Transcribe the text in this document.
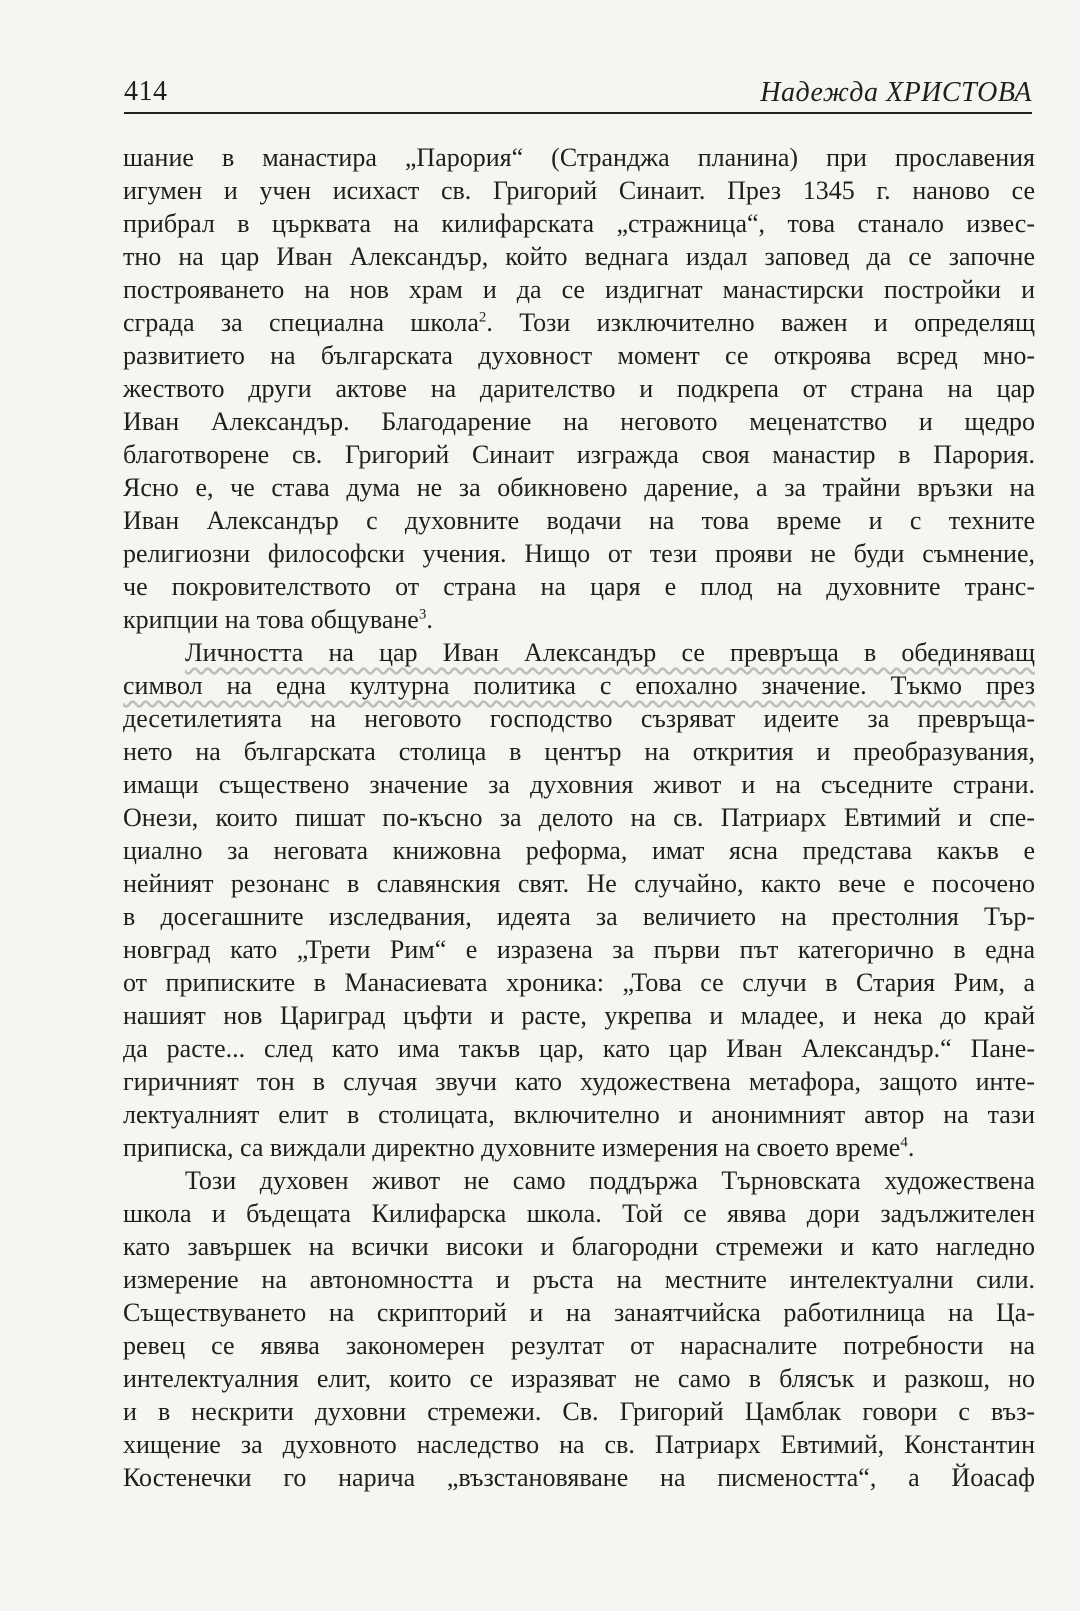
414	Надежда ХРИСТОВА
шание в манастира „Парория“ (Странджа планина) при прославения
игумен и учен исихаст св. Григорий Синаит. През 1345 г. наново се
прибрал в църквата на килифарската „стражница“, това станало извес-
тно на цар Иван Александър, който веднага издал заповед да се започне
построяването на нов храм и да се издигнат манастирски постройки и
сграда за специална школа$^2$. Този изключително важен и определящ
развитието на българската духовност момент се откроява всред мно-
жеството други актове на дарителство и подкрепа от страна на цар
Иван Александър. Благодарение на неговото меценатство и щедро
благотворене св. Григорий Синаит изгражда своя манастир в Парория.
Ясно е, че става дума не за обикновено дарение, а за трайни връзки на
Иван Александър с духовните водачи на това време и с техните
религиозни философски учения. Нищо от тези прояви не буди съмнение,
че покровителството от страна на царя е плод на духовните транс-
крипции на това общуване$^3$.
Личността на цар Иван Александър се превръща в обединяващ
символ на една културна политика с епохално значение. Тъкмо през
десетилетията на неговото господство съзряват идеите за превръща-
нето на българската столица в център на открития и преобразувания,
имащи съществено значение за духовния живот и на съседните страни.
Онези, които пишат по-късно за делото на св. Патриарх Евтимий и спе-
циално за неговата книжовна реформа, имат ясна представа какъв е
нейният резонанс в славянския свят. Не случайно, както вече е посочено
в досегашните изследвания, идеята за величието на престолния Тър-
новград като „Трети Рим“ е изразена за първи път категорично в една
от приписките в Манасиевата хроника: „Това се случи в Стария Рим, а
нашият нов Цариград цъфти и расте, укрепва и младее, и нека до край
да расте... след като има такъв цар, като цар Иван Александър.“ Пане-
гиричният тон в случая звучи като художествена метафора, защото инте-
лектуалният елит в столицата, включително и анонимният автор на тази
приписка, са виждали директно духовните измерения на своето време$^4$.
Този духовен живот не само поддържа Търновската художествена
школа и бъдещата Килифарска школа. Той се явява дори задължителен
като завършек на всички високи и благородни стремежи и като нагледно
измерение на автономността и ръста на местните интелектуални сили.
Съществуването на скрипторий и на занаятчийска работилница на Ца-
ревец се явява закономерен резултат от нарасналите потребности на
интелектуалния елит, които се изразяват не само в блясък и разкош, но
и в нескрити духовни стремежи. Св. Григорий Цамблак говори с въз-
хищение за духовното наследство на св. Патриарх Евтимий, Константин
Костенечки го нарича „възстановяване на писмеността“, а Йоасаф
